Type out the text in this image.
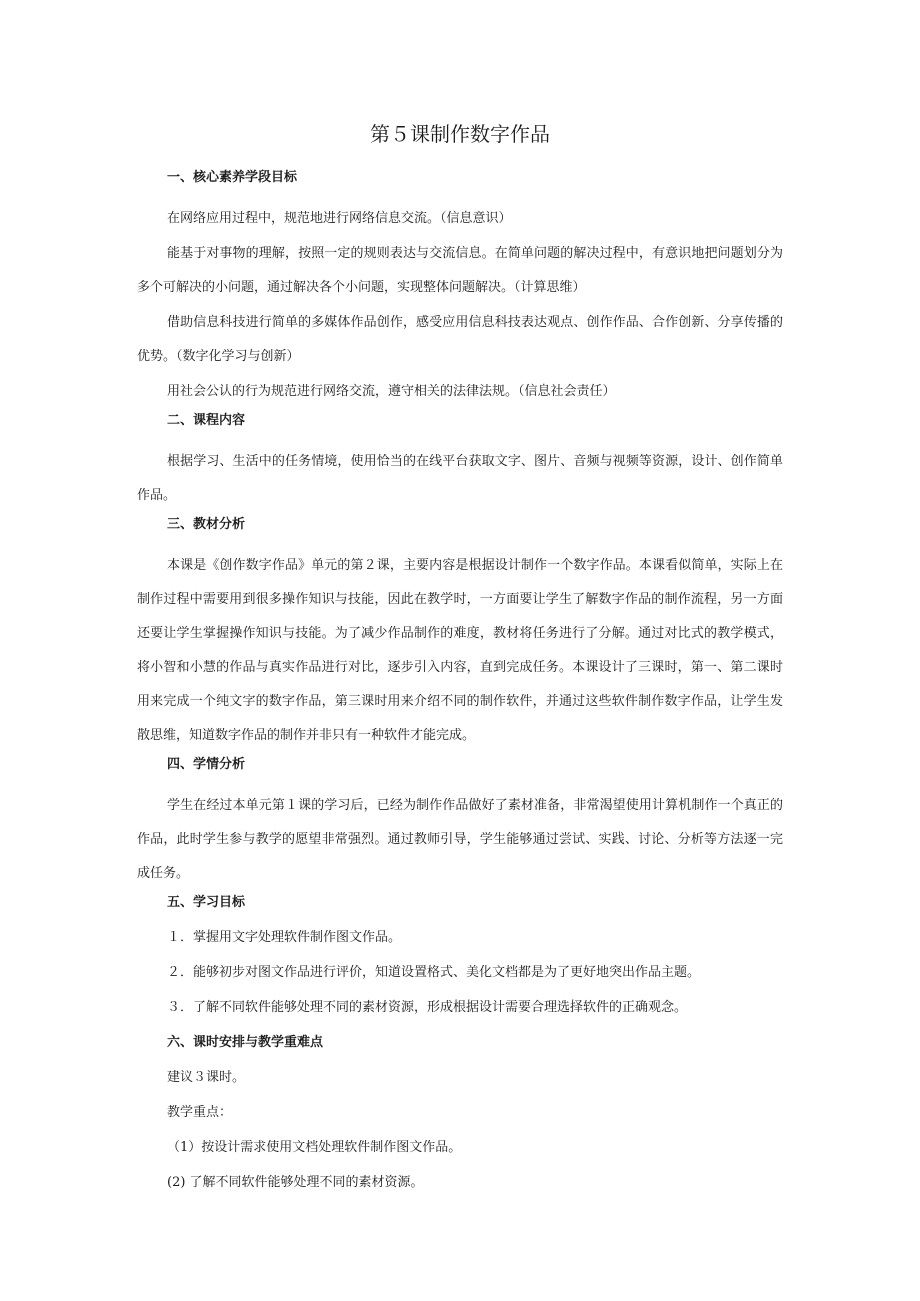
第５课制作数字作品
一、核心素养学段目标

在网络应用过程中，规范地进行网络信息交流。（信息意识）

能基于对事物的理解，按照一定的规则表达与交流信息。在简单问题的解决过程中，有意识地把问题划分为多个可解决的小问题，通过解决各个小问题，实现整体问题解决。（计算思维）

借助信息科技进行简单的多媒体作品创作，感受应用信息科技表达观点、创作作品、合作创新、分享传播的优势。（数字化学习与创新）

用社会公认的行为规范进行网络交流，遵守相关的法律法规。（信息社会责任）

二、课程内容

根据学习、生活中的任务情境，使用恰当的在线平台获取文字、图片、音频与视频等资源，设计、创作简单作品。

三、教材分析

本课是《创作数字作品》单元的第２课，主要内容是根据设计制作一个数字作品。本课看似简单，实际上在制作过程中需要用到很多操作知识与技能，因此在教学时，一方面要让学生了解数字作品的制作流程，另一方面还要让学生掌握操作知识与技能。为了减少作品制作的难度，教材将任务进行了分解。通过对比式的教学模式，将小智和小慧的作品与真实作品进行对比，逐步引入内容，直到完成任务。本课设计了三课时，第一、第二课时用来完成一个纯文字的数字作品，第三课时用来介绍不同的制作软件，并通过这些软件制作数字作品，让学生发散思维，知道数字作品的制作并非只有一种软件才能完成。

四、学情分析

学生在经过本单元第１课的学习后，已经为制作作品做好了素材准备，非常渴望使用计算机制作一个真正的作品，此时学生参与教学的愿望非常强烈。通过教师引导，学生能够通过尝试、实践、讨论、分析等方法逐一完成任务。

五、学习目标
１．掌握用文字处理软件制作图文作品。
２．能够初步对图文作品进行评价，知道设置格式、美化文档都是为了更好地突出作品主题。
３．了解不同软件能够处理不同的素材资源，形成根据设计需要合理选择软件的正确观念。
六、课时安排与教学重难点
建议３课时。
教学重点：
（1）按设计需求使用文档处理软件制作图文作品。
(2) 了解不同软件能够处理不同的素材资源。
